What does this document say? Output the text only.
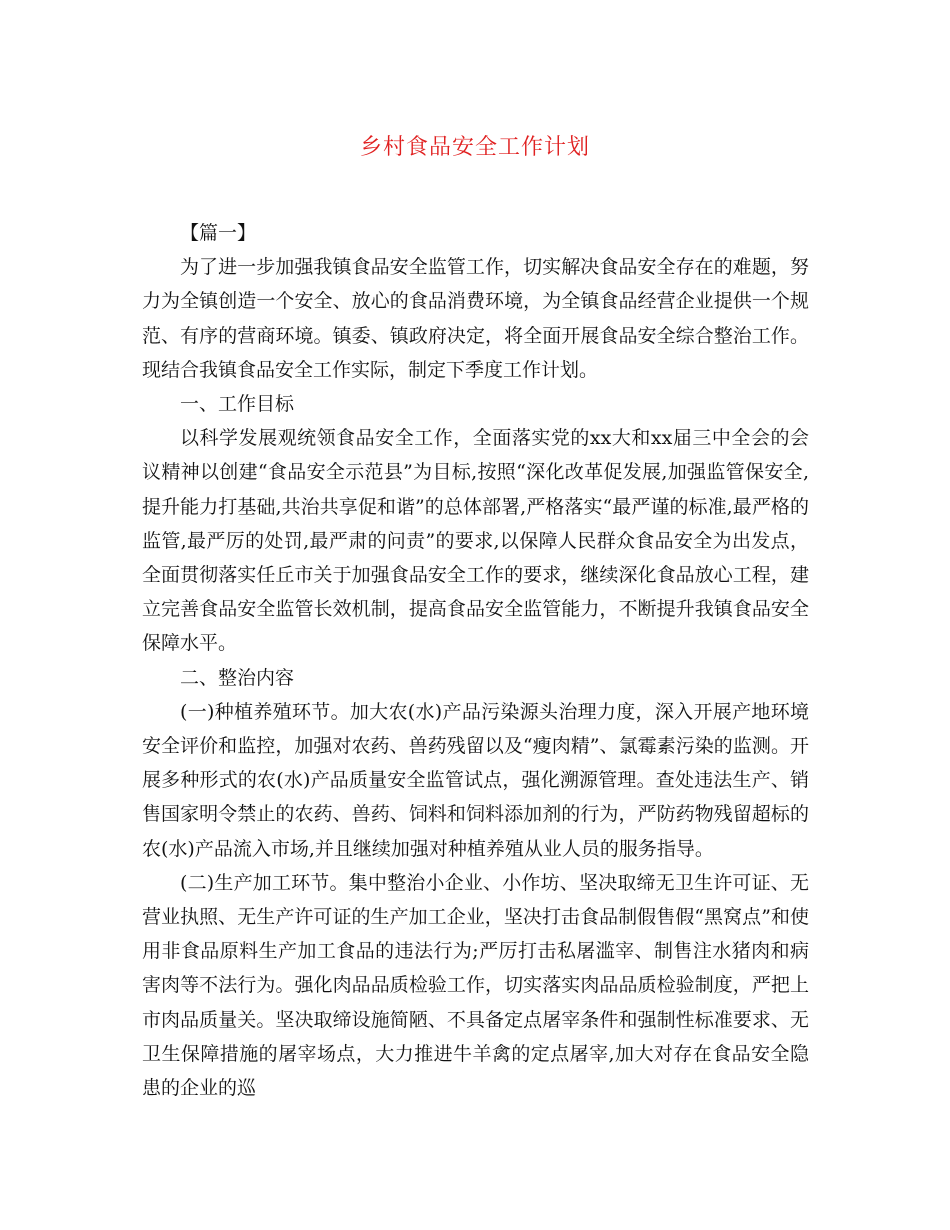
乡村食品安全工作计划

【篇一】

为了进一步加强我镇食品安全监管工作，切实解决食品安全存在的难题，努力为全镇创造一个安全、放心的食品消费环境，为全镇食品经营企业提供一个规范、有序的营商环境。镇委、镇政府决定，将全面开展食品安全综合整治工作。现结合我镇食品安全工作实际，制定下季度工作计划。

一、工作目标

以科学发展观统领食品安全工作，全面落实党的xx大和xx届三中全会的会议精神以创建“食品安全示范县”为目标,按照“深化改革促发展,加强监管保安全,提升能力打基础,共治共享促和谐”的总体部署,严格落实“最严谨的标准,最严格的监管,最严厉的处罚,最严肃的问责”的要求,以保障人民群众食品安全为出发点，全面贯彻落实任丘市关于加强食品安全工作的要求，继续深化食品放心工程，建立完善食品安全监管长效机制，提高食品安全监管能力，不断提升我镇食品安全保障水平。

二、整治内容

(一)种植养殖环节。加大农(水)产品污染源头治理力度，深入开展产地环境安全评价和监控，加强对农药、兽药残留以及“瘦肉精”、氯霉素污染的监测。开展多种形式的农(水)产品质量安全监管试点，强化溯源管理。查处违法生产、销售国家明令禁止的农药、兽药、饲料和饲料添加剂的行为，严防药物残留超标的农(水)产品流入市场,并且继续加强对种植养殖从业人员的服务指导。

(二)生产加工环节。集中整治小企业、小作坊、坚决取缔无卫生许可证、无营业执照、无生产许可证的生产加工企业，坚决打击食品制假售假“黑窝点”和使用非食品原料生产加工食品的违法行为;严厉打击私屠滥宰、制售注水猪肉和病害肉等不法行为。强化肉品品质检验工作，切实落实肉品品质检验制度，严把上市肉品质量关。坚决取缔设施简陋、不具备定点屠宰条件和强制性标准要求、无卫生保障措施的屠宰场点，大力推进牛羊禽的定点屠宰,加大对存在食品安全隐患的企业的巡
